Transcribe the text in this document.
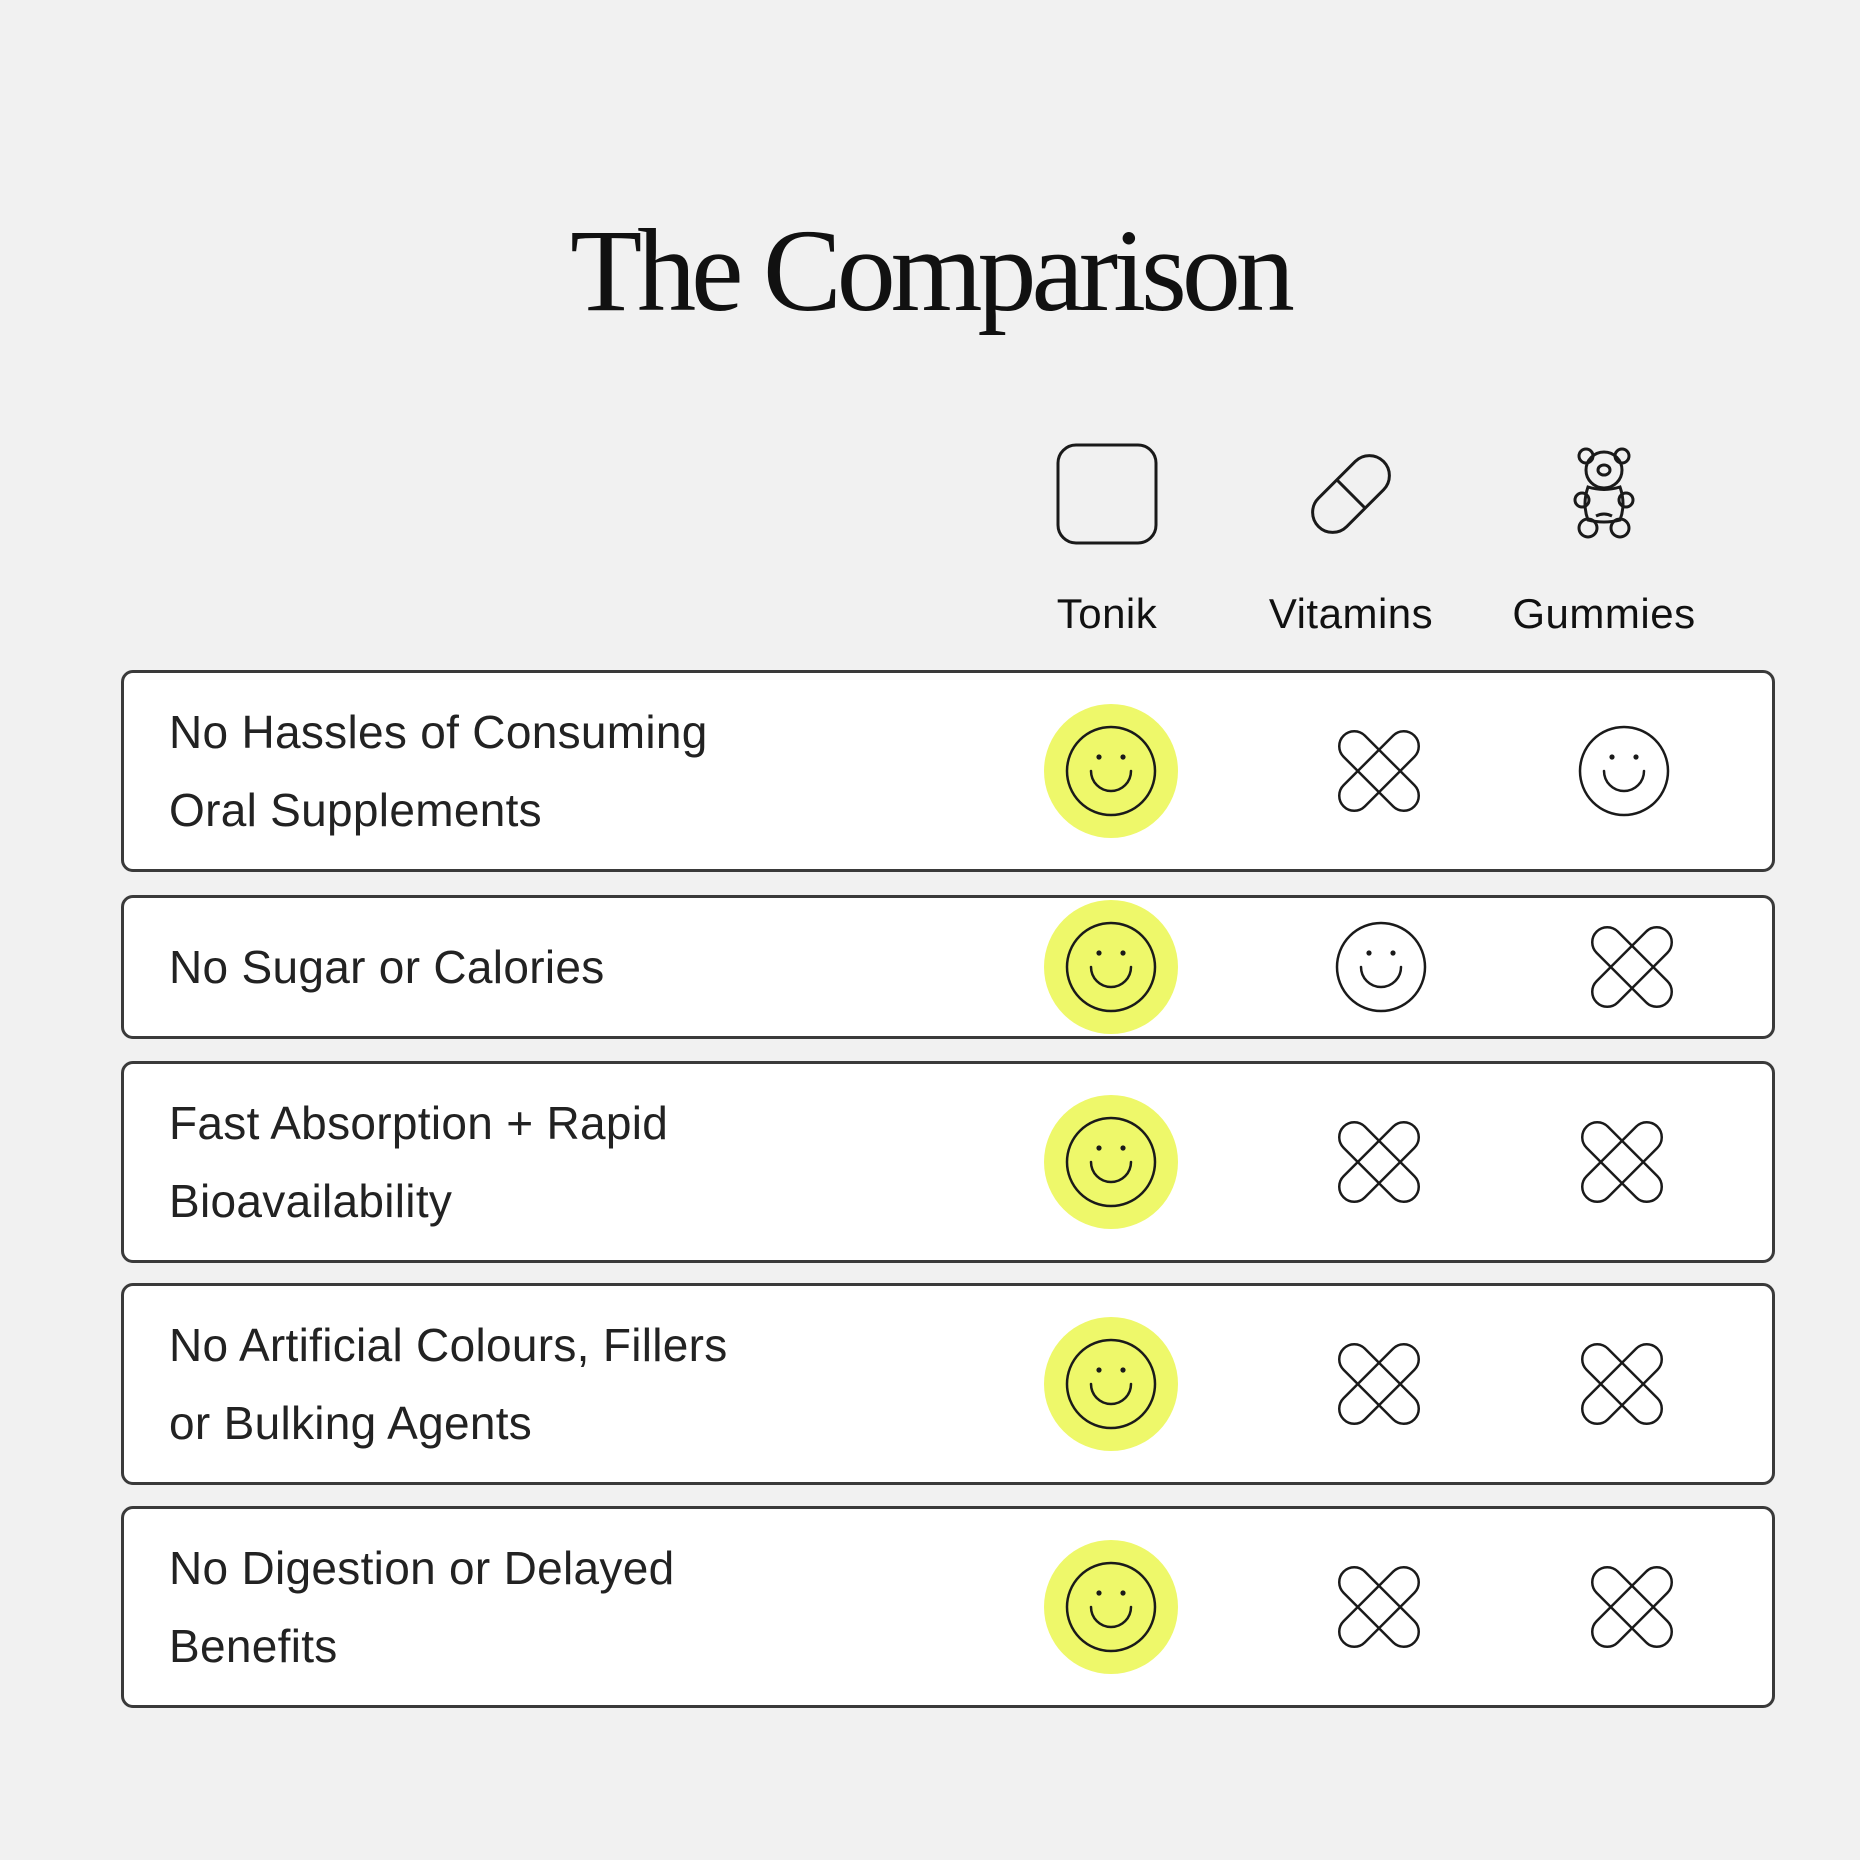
The Comparison
Tonik	Vitamins	Gummies
No Hassles of Consuming
Oral Supplements
No Sugar or Calories
Fast Absorption + Rapid
Bioavailability
No Artificial Colours, Fillers
or Bulking Agents
No Digestion or Delayed
Benefits
